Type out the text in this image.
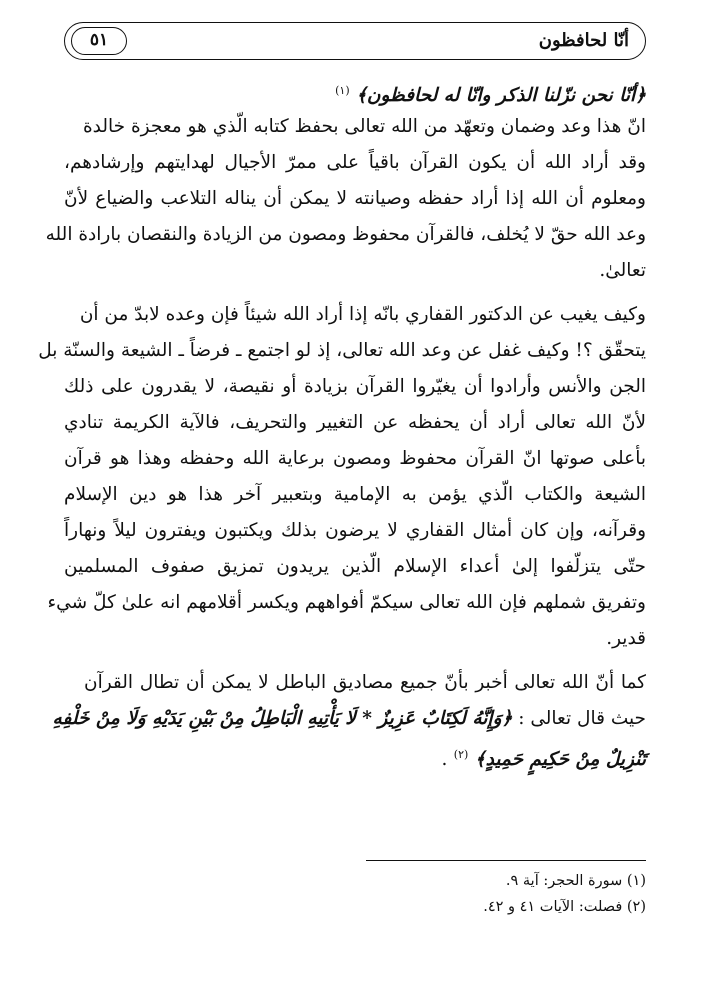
أنّا لحافظون
٥١
﴿أنّا نحن نزّلنا الذكر وانّا له لحافظون﴾ $^{(١)}$
انّ هذا وعد وضمان وتعهّد من الله تعالى بحفظ كتابه الّذي هو معجزة خالدة
وقد أراد الله أن يكون القرآن باقياً على ممرّ الأجيال لهدايتهم وإرشادهم،
ومعلوم أن الله إذا أراد حفظه وصيانته لا يمكن أن يناله التلاعب والضياع لأنّ
وعد الله حقّ لا يُخلف، فالقرآن محفوظ ومصون من الزيادة والنقصان بارادة الله
تعالىٰ.
وكيف يغيب عن الدكتور القفاري بانّه إذا أراد الله شيئاً فإن وعده لابدّ من أن
يتحقّق ؟! وكيف غفل عن وعد الله تعالى، إذ لو اجتمع ـ فرضاً ـ الشيعة والسنّة بل
الجن والأنس وأرادوا أن يغيّروا القرآن بزيادة أو نقيصة، لا يقدرون على ذلك
لأنّ الله تعالى أراد أن يحفظه عن التغيير والتحريف، فالآية الكريمة تنادي
بأعلى صوتها انّ القرآن محفوظ ومصون برعاية الله وحفظه وهذا هو قرآن
الشيعة والكتاب الّذي يؤمن به الإمامية وبتعبير آخر هذا هو دين الإسلام
وقرآنه، وإن كان أمثال القفاري لا يرضون بذلك ويكتبون ويفترون ليلاً ونهاراً
حتّى يتزلّفوا إلىٰ أعداء الإسلام الّذين يريدون تمزيق صفوف المسلمين
وتفريق شملهم فإن الله تعالى سيكمّ أفواههم ويكسر أقلامهم انه علىٰ كلّ شيء
قدير.
كما أنّ الله تعالى أخبر بأنّ جميع مصاديق الباطل لا يمكن أن تطال القرآن
حيث قال تعالى : ﴿وَإِنَّهُ لَكِتَابٌ عَزِيزٌ * لَا يَأْتِيهِ الْبَاطِلُ مِنْ بَيْنِ يَدَيْهِ وَلَا مِنْ خَلْفِهِ
تَنْزِيلٌ مِنْ حَكِيمٍ حَمِيدٍ﴾ $^{(٢)}$ .
(١) سورة الحجر: آية ٩.
(٢) فصلت: الآيات ٤١ و ٤٢.
